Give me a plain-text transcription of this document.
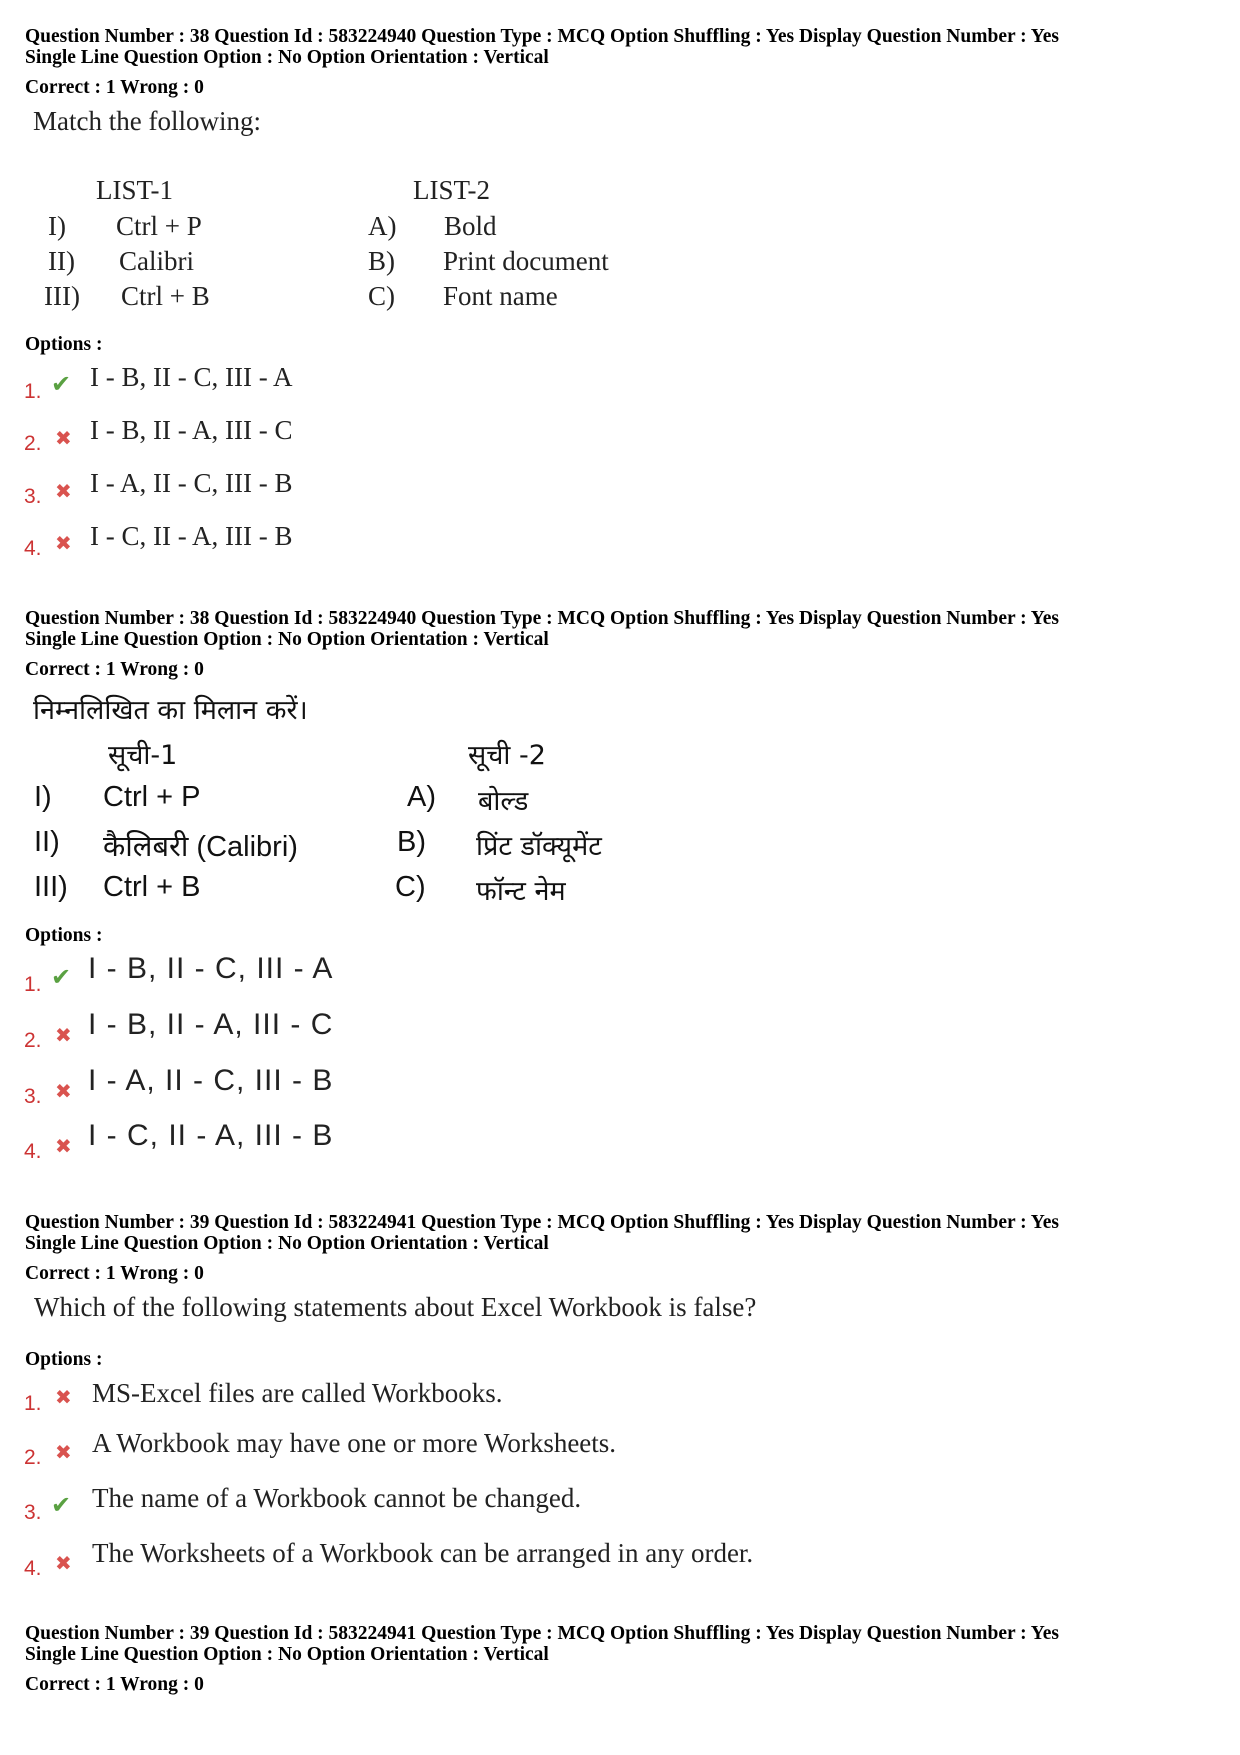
Question Number : 38 Question Id : 583224940 Question Type : MCQ Option Shuffling : Yes Display Question Number : Yes
Single Line Question Option : No Option Orientation : Vertical
Correct : 1 Wrong : 0
Match the following:
LIST-1	LIST-2
I) Ctrl + P	A) Bold
II) Calibri	B) Print document
III) Ctrl + B	C) Font name
Options :
1. ✔ I - B, II - C, III - A
2. ✖ I - B, II - A, III - C
3. ✖ I - A, II - C, III - B
4. ✖ I - C, II - A, III - B
Question Number : 38 Question Id : 583224940 Question Type : MCQ Option Shuffling : Yes Display Question Number : Yes
Single Line Question Option : No Option Orientation : Vertical
Correct : 1 Wrong : 0
निम्नलिखित का मिलान करें।
सूची-1	सूची -2
I) Ctrl + P	A) बोल्ड
II) कैलिबरी (Calibri)	B) प्रिंट डॉक्यूमेंट
III) Ctrl + B	C) फॉन्ट नेम
Options :
1. ✔ I - B, II - C, III - A
2. ✖ I - B, II - A, III - C
3. ✖ I - A, II - C, III - B
4. ✖ I - C, II - A, III - B
Question Number : 39 Question Id : 583224941 Question Type : MCQ Option Shuffling : Yes Display Question Number : Yes
Single Line Question Option : No Option Orientation : Vertical
Correct : 1 Wrong : 0
Which of the following statements about Excel Workbook is false?
Options :
1. ✖ MS-Excel files are called Workbooks.
2. ✖ A Workbook may have one or more Worksheets.
3. ✔ The name of a Workbook cannot be changed.
4. ✖ The Worksheets of a Workbook can be arranged in any order.
Question Number : 39 Question Id : 583224941 Question Type : MCQ Option Shuffling : Yes Display Question Number : Yes
Single Line Question Option : No Option Orientation : Vertical
Correct : 1 Wrong : 0
